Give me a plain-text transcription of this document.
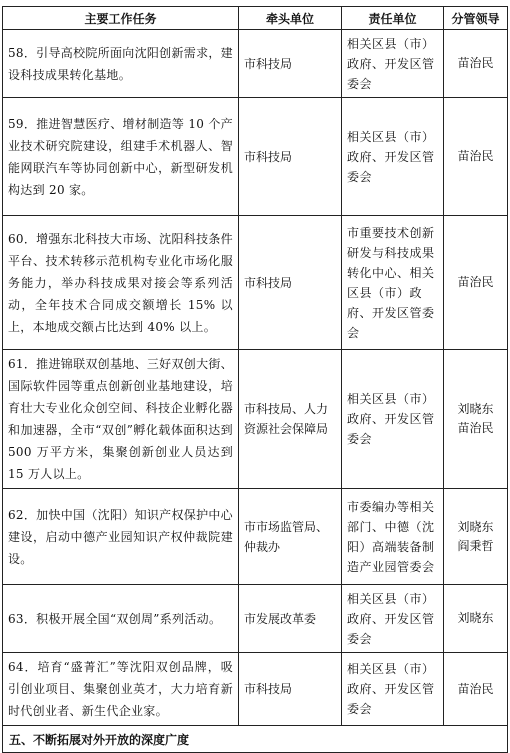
主要工作任务	牵头单位	责任单位	分管领导
58．引导高校院所面向沈阳创新需求，建设科技成果转化基地。	市科技局	相关区县（市）政府、开发区管委会	苗治民

59．推进智慧医疗、增材制造等 10 个产业技术研究院建设，组建手术机器人、智能网联汽车等协同创新中心，新型研发机构达到 20 家。	市科技局	相关区县（市）政府、开发区管委会	苗治民

60．增强东北科技大市场、沈阳科技条件平台、技术转移示范机构专业化市场化服务能力，举办科技成果对接会等系列活动，全年技术合同成交额增长 15% 以上，本地成交额占比达到 40% 以上。	市科技局	市重要技术创新研发与科技成果转化中心、相关区县（市）政府、开发区管委会	苗治民

61．推进锦联双创基地、三好双创大街、国际软件园等重点创新创业基地建设，培育壮大专业化众创空间、科技企业孵化器和加速器，全市“双创”孵化载体面积达到 500 万平方米，集聚创新创业人员达到 15 万人以上。	市科技局、人力资源社会保障局	相关区县（市）政府、开发区管委会	刘晓东
苗治民

62．加快中国（沈阳）知识产权保护中心建设，启动中德产业园知识产权仲裁院建设。	市市场监管局、仲裁办	市委编办等相关部门、中德（沈阳）高端装备制造产业园管委会	刘晓东
阎秉哲

63．积极开展全国“双创周”系列活动。	市发展改革委	相关区县（市）政府、开发区管委会	刘晓东

64．培育“盛菁汇”等沈阳双创品牌，吸引创业项目、集聚创业英才，大力培育新时代创业者、新生代企业家。	市科技局	相关区县（市）政府、开发区管委会	苗治民

五、不断拓展对外开放的深度广度			
